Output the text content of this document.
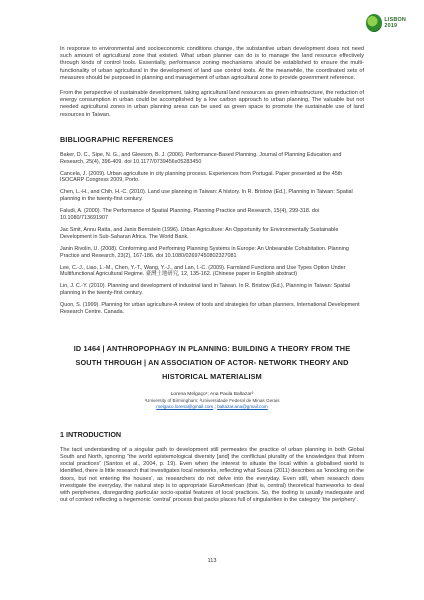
LISBON
2019

In response to environmental and socioeconomic conditions change, the substantive urban development does not need such amount of agricultural zone that existed. What urban planner can do is to manage the land resource effectively through kinds of control tools. Essentially, performance zoning mechanisms should be established to ensure the multi-functionality of urban agricultural in the development of land use control tools. At the meanwhile, the coordinated sets of measures should be purposed in planning and management of urban agricultural zone to provide government reference.

From the perspective of sustainable development, taking agricultural land resources as green infrastructure, the reduction of energy consumption in urban could be accomplished by a low carbon approach to urban planning. The valuable but not needed agricultural zones in urban planning areas can be used as green space to promote the sustainable use of land resources in Taiwan.

BIBLIOGRAPHIC REFERENCES

Baker, D. C., Sipe, N. G., and Gleeson, B. J. (2006). Performance-Based Planning. Journal of Planning Education and Research, 25(4), 396-409. doi 10.1177/0739456x05283450

Cancela, J. (2009). Urban agriculture in city planning process. Experiences from Portugal. Paper presented at the 45th ISOCARP Congress 2009, Porto.

Chen, L.-H., and Chih, H.-C. (2010). Land use planning in Taiwan: A history. In R. Bristow (Ed.), Planning in Taiwan: Spatial planning in the twenty-first century.

Faludi, A. (2000). The Performance of Spatial Planning. Planning Practice and Research, 15(4), 299-318. doi 10.1080/713691907

Jac Smit, Annu Ratta, and Janis Bernstein (1996). Urban Agriculture: An Opportunity for Environmentally Sustainable Development in Sub-Saharan Africa. The World Bank.

Janin Rivolin, U. (2008). Conforming and Performing Planning Systems in Europe: An Unbearable Cohabitation. Planning Practice and Research, 23(2), 167-186. doi 10.1080/02697450802327081

Lee, C.-J., Liao, L.-M., Chen, Y.-T., Wang, Y.-J., and Lan, I.-C. (2009). Farmland Functions and Use Types Option Under Multifunctional Agricultural Regime. 臺灣土地研究, 12, 135-162. (Chinese paper in English abstract)

Lin, J. C.-Y. (2010). Planning and development of industrial land in Taiwan. In R. Bristow (Ed.), Planning in Taiwan: Spatial planning in the twenty-first century.

Quon, S. (1999). Planning for urban agriculture-A review of tools and strategies for urban planners. International Development Research Centre. Canada.

ID 1464 | ANTHROPOPHAGY IN PLANNING: BUILDING A THEORY FROM THE SOUTH THROUGH | AN ASSOCIATION OF ACTOR- NETWORK THEORY AND HISTORICAL MATERIALISM
Lorena Melgaço¹; Ana Paula Baltazar²
¹University of Birmingham; ²Universidade Federal de Minas Gerais
melgaco.lorena@gmail.com ; baltazar.ana@gmail.com
1 INTRODUCTION

The tacit understanding of a singular path to development still permeates the practice of urban planning in both Global South and North, ignoring “the world epistemological diversity [and] the conflictual plurality of the knowledges that inform social practices” (Santos et al., 2004, p. 19). Even when the interest to situate the local within a globalised world is identified, there is little research that investigates local networks, reflecting what Souza (2011) describes as ‘knocking on the doors, but not entering the houses’, as researchers do not delve into the everyday. Even still, when research does investigate the everyday, the natural step is to appropriate EuroAmerican (that is, central) theoretical frameworks to deal with peripheries, disregarding particular socio-spatial features of local practices. So, the tooling is usually inadequate and out of context reflecting a hegemonic ‘central’ process that packs places full of singularities in the category ‘the periphery’.

113
